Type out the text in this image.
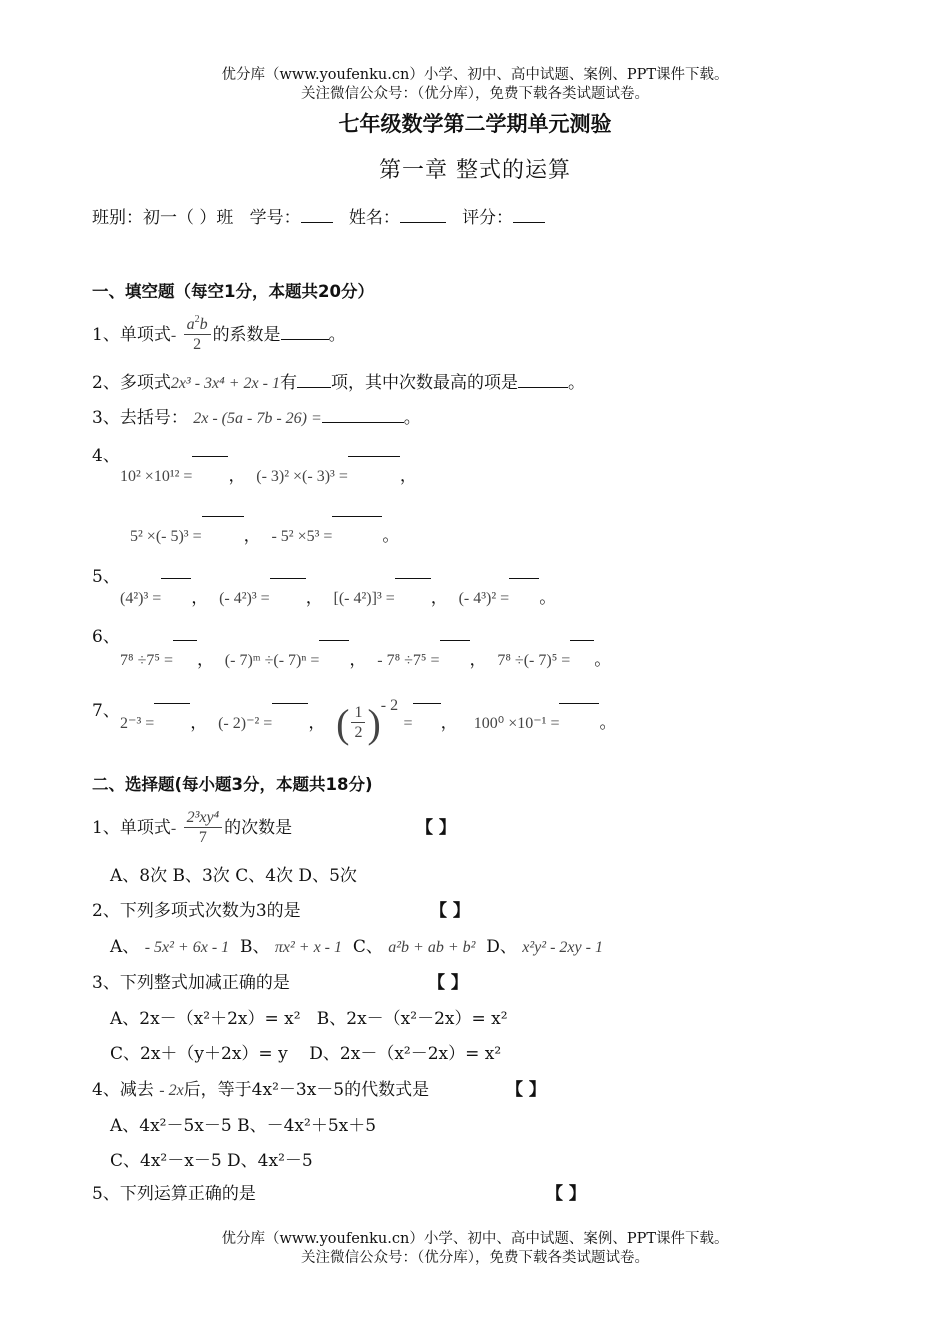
优分库（www.youfenku.cn）小学、初中、高中试题、案例、PPT课件下载。
关注微信公众号：（优分库），免费下载各类试题试卷。
七年级数学第二学期单元测验
第一章 整式的运算
班别：初一（ ）班 学号：	姓名：	评分：
一、填空题（每空1分，本题共20分）
1、单项式- $\frac{a^2b}{2}$ 的系数是	。
2、多项式2x³ - 3x⁴ + 2x - 1有 项，其中次数最高的项是	。
3、去括号： 2x - (5a - 7b - 26) =	。
4、
10² ×10¹² = ， (- 3)² ×(- 3)³ =	，
5² ×(- 5)³ = ， - 5² ×5³ =	。
5、
(4²)³ = ， (- 4²)³ = ， [(- 4²)]³ = ， (- 4³)² = 。
6、
7⁸ ÷7⁵ = ， (- 7)ᵐ ÷(- 7)ⁿ = ， - 7⁸ ÷7⁵ = ， 7⁸ ÷(- 7)⁵ = 。
7、
2⁻³ = ， (- 2)⁻² = ， ( $\frac{1}{2} )^{- 2}$ = ， 100⁰ ×10⁻¹ = 。
二、选择题(每小题3分，本题共18分)
1、单项式- $\frac{\text{2³xy⁴}}{7}$ 的次数是	【 】
A、8次 B、3次 C、4次 D、5次
2、下列多项式次数为3的是	【 】
A、 - 5x² + 6x - 1 B、 πx² + x - 1 C、 a²b + ab + b² D、 x²y² - 2xy - 1
3、下列整式加减正确的是	【 】
A、2x－（x²＋2x）= x² B、2x－（x²－2x）= x²
C、2x＋（y＋2x）= y D、2x－（x²－2x）= x²
4、减去 - 2x后，等于4x²－3x－5的代数式是	【 】
A、4x²－5x－5 B、－4x²＋5x＋5
C、4x²－x－5 D、4x²－5
5、下列运算正确的是	【 】
优分库（www.youfenku.cn）小学、初中、高中试题、案例、PPT课件下载。
关注微信公众号：（优分库），免费下载各类试题试卷。
